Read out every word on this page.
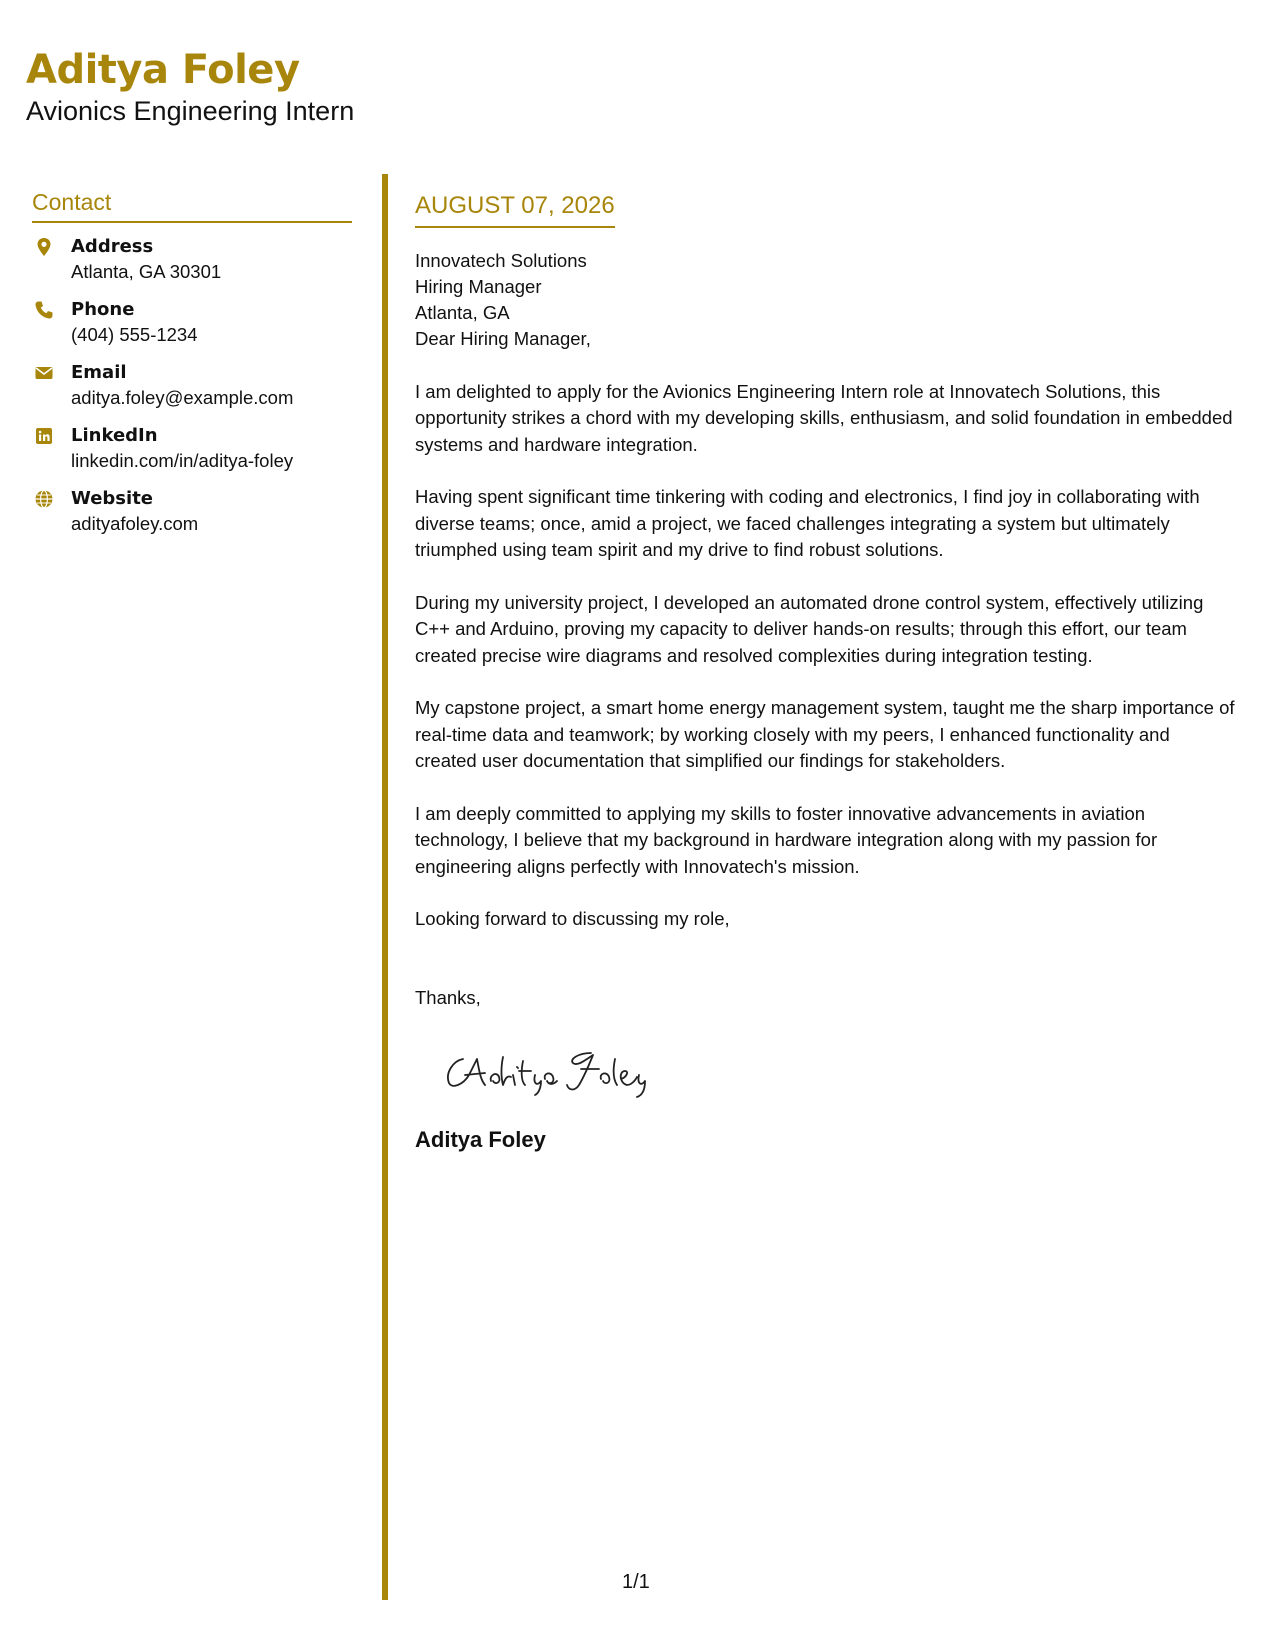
Aditya Foley
Avionics Engineering Intern
Contact
Address
Atlanta, GA 30301
Phone
(404) 555-1234
Email
aditya.foley@example.com
LinkedIn
linkedin.com/in/aditya-foley
Website
adityafoley.com
AUGUST 07, 2026
Innovatech Solutions
Hiring Manager
Atlanta, GA

Dear Hiring Manager,

I am delighted to apply for the Avionics Engineering Intern role at Innovatech Solutions, this opportunity strikes a chord with my developing skills, enthusiasm, and solid foundation in embedded systems and hardware integration.

Having spent significant time tinkering with coding and electronics, I find joy in collaborating with diverse teams; once, amid a project, we faced challenges integrating a system but ultimately triumphed using team spirit and my drive to find robust solutions.

During my university project, I developed an automated drone control system, effectively utilizing C++ and Arduino, proving my capacity to deliver hands-on results; through this effort, our team created precise wire diagrams and resolved complexities during integration testing.

My capstone project, a smart home energy management system, taught me the sharp importance of real-time data and teamwork; by working closely with my peers, I enhanced functionality and created user documentation that simplified our findings for stakeholders.

I am deeply committed to applying my skills to foster innovative advancements in aviation technology, I believe that my background in hardware integration along with my passion for engineering aligns perfectly with Innovatech's mission.

Looking forward to discussing my role,

Thanks,

Aditya Foley
1/1
